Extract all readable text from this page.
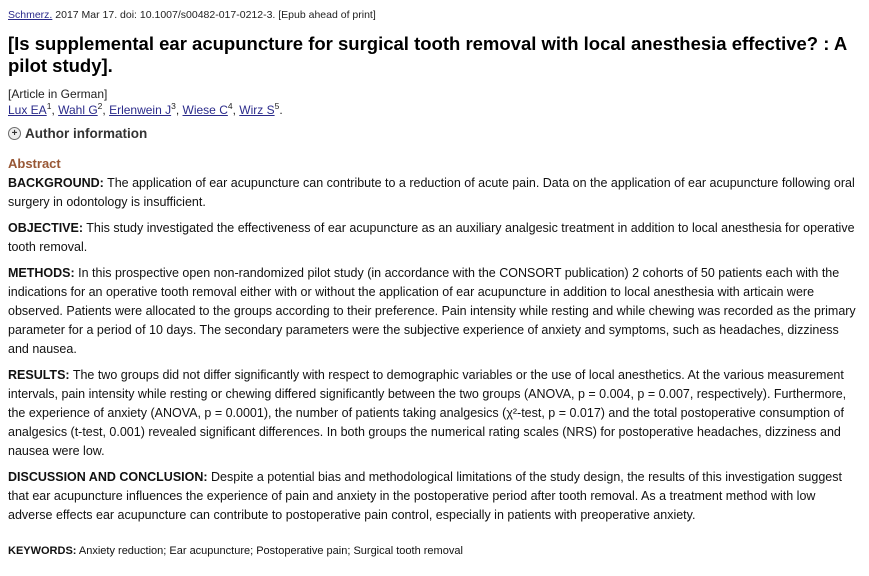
Schmerz. 2017 Mar 17. doi: 10.1007/s00482-017-0212-3. [Epub ahead of print]
[Is supplemental ear acupuncture for surgical tooth removal with local anesthesia effective? : A pilot study].
[Article in German]
Lux $EA^1$, Wahl $G^2$, Erlenwein $J^3$, Wiese $C^4$, Wirz $S^5$.
+ Author information
Abstract

BACKGROUND: The application of ear acupuncture can contribute to a reduction of acute pain. Data on the application of ear acupuncture following oral surgery in odontology is insufficient.

OBJECTIVE: This study investigated the effectiveness of ear acupuncture as an auxiliary analgesic treatment in addition to local anesthesia for operative tooth removal.

METHODS: In this prospective open non-randomized pilot study (in accordance with the CONSORT publication) 2 cohorts of 50 patients each with the indications for an operative tooth removal either with or without the application of ear acupuncture in addition to local anesthesia with articain were observed. Patients were allocated to the groups according to their preference. Pain intensity while resting and while chewing was recorded as the primary parameter for a period of 10 days. The secondary parameters were the subjective experience of anxiety and symptoms, such as headaches, dizziness and nausea.

RESULTS: The two groups did not differ significantly with respect to demographic variables or the use of local anesthetics. At the various measurement intervals, pain intensity while resting or chewing differed significantly between the two groups (ANOVA, p = 0.004, p = 0.007, respectively). Furthermore, the experience of anxiety (ANOVA, p = 0.0001), the number of patients taking analgesics (χ²-test, p = 0.017) and the total postoperative consumption of analgesics (t-test, 0.001) revealed significant differences. In both groups the numerical rating scales (NRS) for postoperative headaches, dizziness and nausea were low.

DISCUSSION AND CONCLUSION: Despite a potential bias and methodological limitations of the study design, the results of this investigation suggest that ear acupuncture influences the experience of pain and anxiety in the postoperative period after tooth removal. As a treatment method with low adverse effects ear acupuncture can contribute to postoperative pain control, especially in patients with preoperative anxiety.

KEYWORDS: Anxiety reduction; Ear acupuncture; Postoperative pain; Surgical tooth removal
